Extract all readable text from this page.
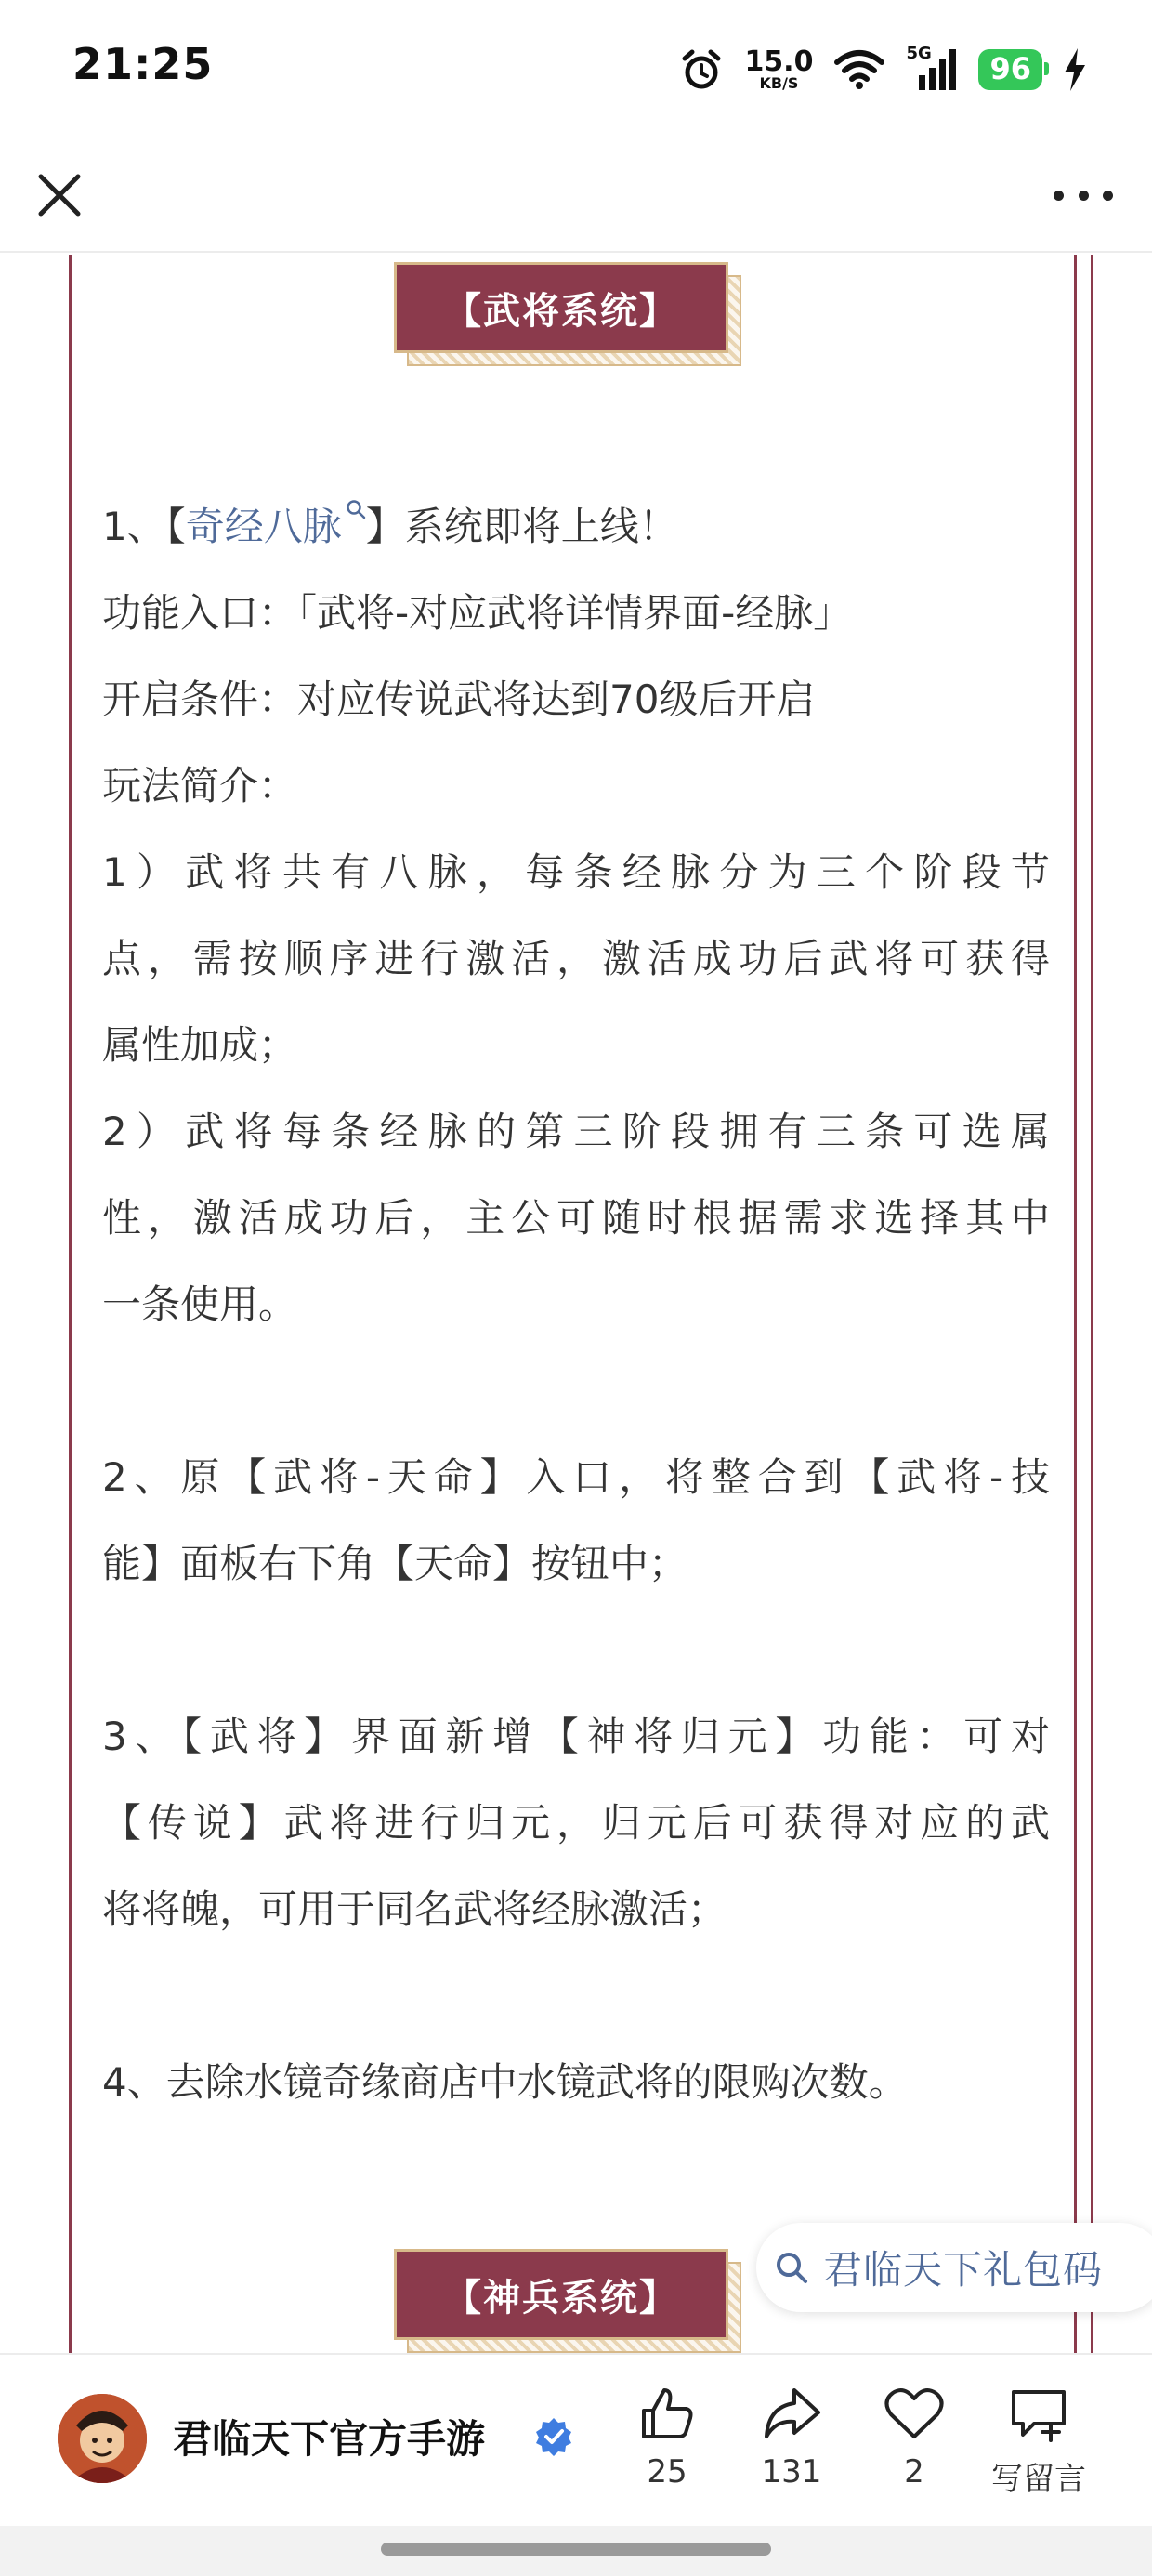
21:25	15.0
KB/S
5G	96
【武将系统】
1、【奇经八脉 】系统即将上线！
功能入口：「武将-对应武将详情界面-经脉」
开启条件：对应传说武将达到70级后开启
玩法简介：
1）武将共有八脉，每条经脉分为三个阶段节
点，需按顺序进行激活，激活成功后武将可获得
属性加成；
2）武将每条经脉的第三阶段拥有三条可选属
性，激活成功后，主公可随时根据需求选择其中
一条使用。
2、原【武将-天命】入口，将整合到【武将-技
能】面板右下角【天命】按钮中；
3、【武将】界面新增【神将归元】功能：可对
【传说】武将进行归元，归元后可获得对应的武
将将魄，可用于同名武将经脉激活；
4、去除水镜奇缘商店中水镜武将的限购次数。
【神兵系统】
君临天下礼包码
君临天下官方手游
25 131	2 写留言
